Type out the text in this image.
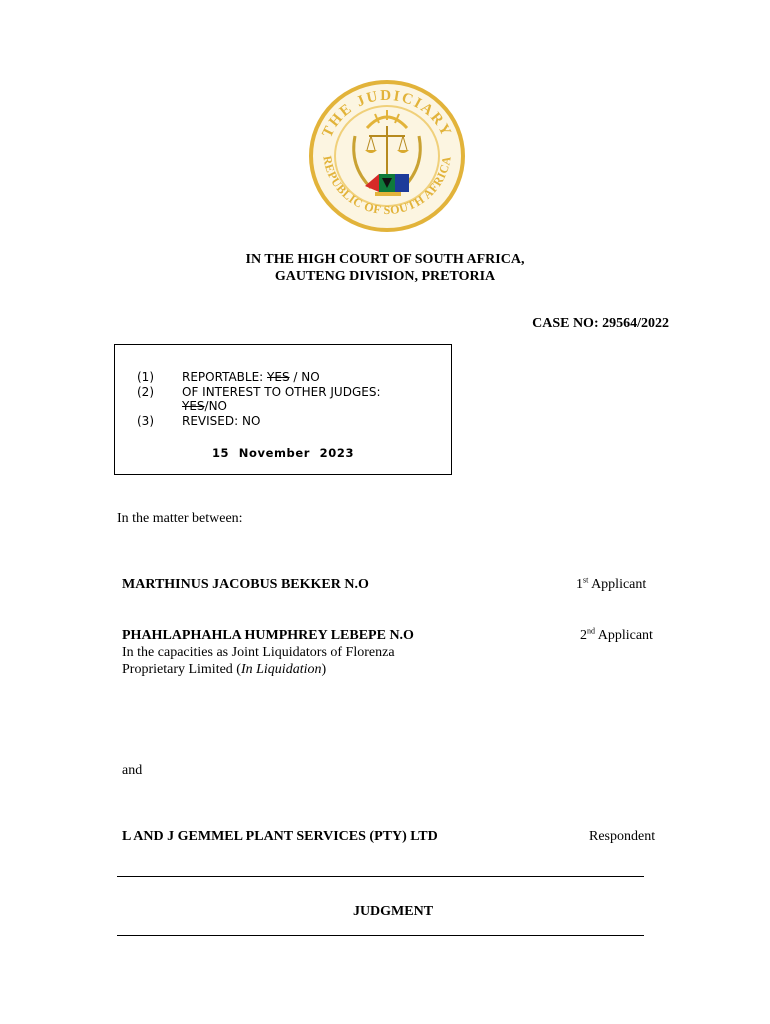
THE JUDICIARY
REPUBLIC OF SOUTH AFRICA
IN THE HIGH COURT OF SOUTH AFRICA,
GAUTENG DIVISION, PRETORIA
CASE NO: 29564/2022
(1) REPORTABLE: YES / NO
(2) OF INTEREST TO OTHER JUDGES:
YES/NO
(3) REVISED: NO
15 November 2023
In the matter between:
MARTHINUS JACOBUS BEKKER N.O	1st Applicant
PHAHLAPHAHLA HUMPHREY LEBEPE N.O	2nd Applicant
In the capacities as Joint Liquidators of Florenza
Proprietary Limited (In Liquidation)
and
L AND J GEMMEL PLANT SERVICES (PTY) LTD	Respondent
JUDGMENT
